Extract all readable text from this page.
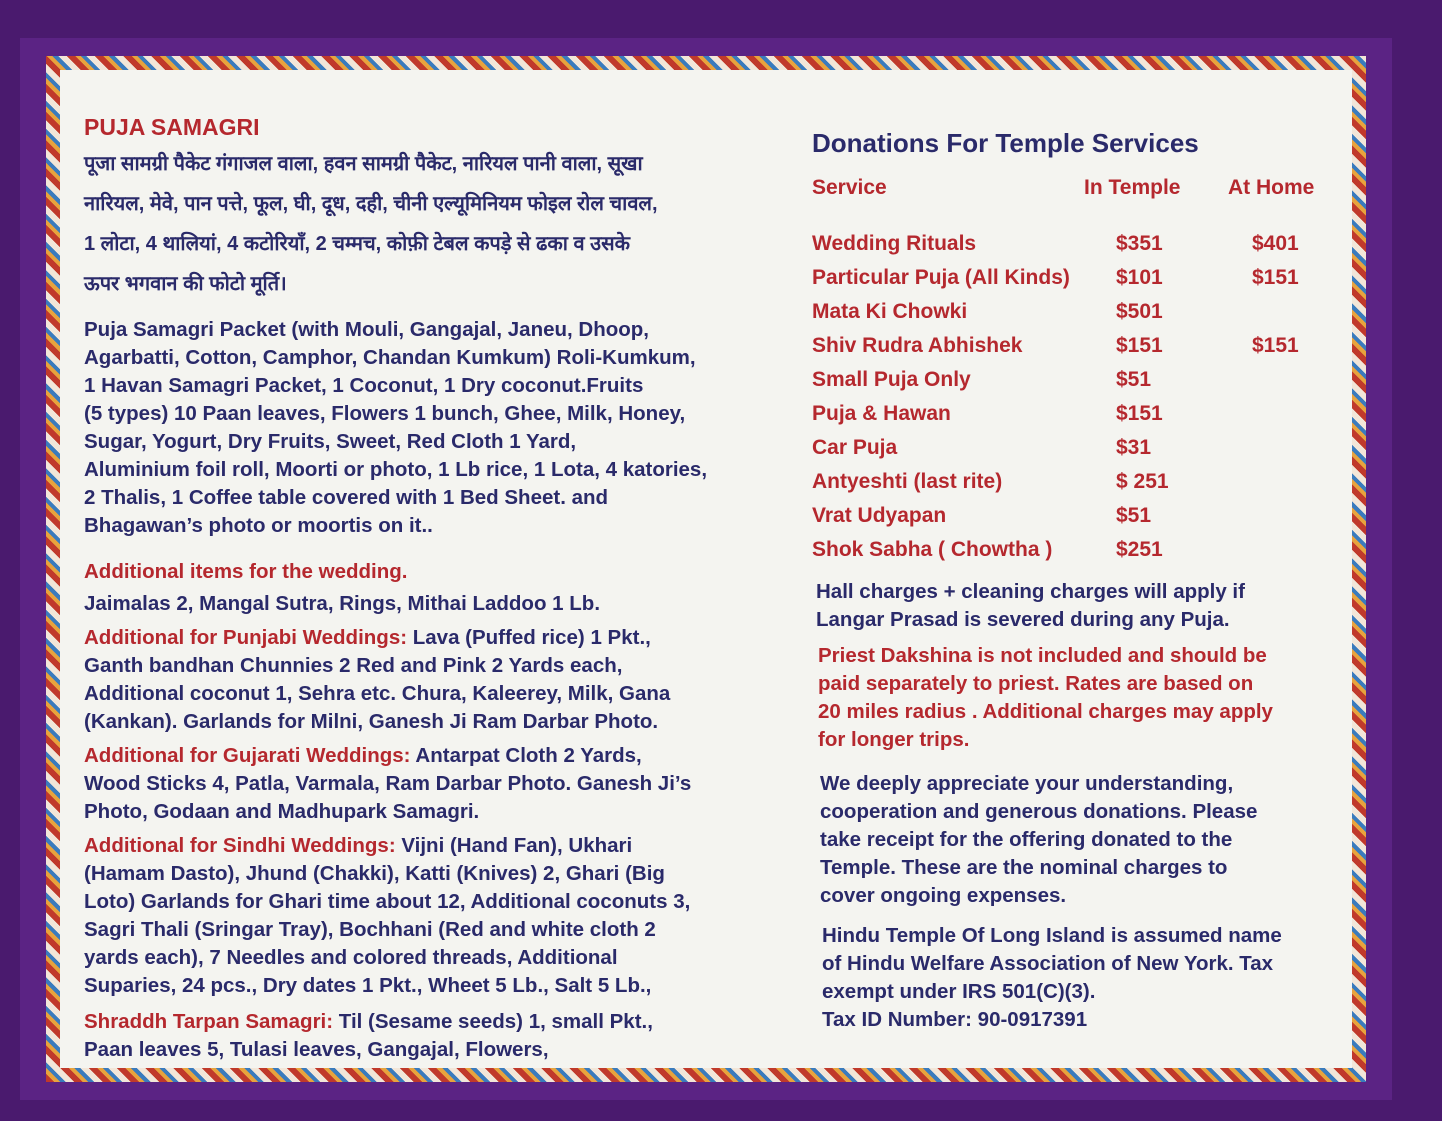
PUJA SAMAGRI
पूजा सामग्री पैकेट गंगाजल वाला, हवन सामग्री पैकेट, नारियल पानी वाला, सूखा
नारियल, मेवे, पान पत्ते, फूल, घी, दूध, दही, चीनी एल्यूमिनियम फोइल रोल चावल,
1 लोटा, 4 थालियां, 4 कटोरियाँ, 2 चम्मच, कोफ़ी टेबल कपड़े से ढका व उसके
ऊपर भगवान की फोटो मूर्ति।
Puja Samagri Packet (with Mouli, Gangajal, Janeu, Dhoop,
Agarbatti, Cotton, Camphor, Chandan Kumkum) Roli-Kumkum,
1 Havan Samagri Packet, 1 Coconut, 1 Dry coconut.Fruits
(5 types) 10 Paan leaves, Flowers 1 bunch, Ghee, Milk, Honey,
Sugar, Yogurt, Dry Fruits, Sweet, Red Cloth 1 Yard,
Aluminium foil roll, Moorti or photo, 1 Lb rice, 1 Lota, 4 katories,
2 Thalis, 1 Coffee table covered with 1 Bed Sheet. and
Bhagawan’s photo or moortis on it..
Additional items for the wedding.
Jaimalas 2, Mangal Sutra, Rings, Mithai Laddoo 1 Lb.
Additional for Punjabi Weddings: Lava (Puffed rice) 1 Pkt.,
Ganth bandhan Chunnies 2 Red and Pink 2 Yards each,
Additional coconut 1, Sehra etc. Chura, Kaleerey, Milk, Gana
(Kankan). Garlands for Milni, Ganesh Ji Ram Darbar Photo.
Additional for Gujarati Weddings: Antarpat Cloth 2 Yards,
Wood Sticks 4, Patla, Varmala, Ram Darbar Photo. Ganesh Ji’s
Photo, Godaan and Madhupark Samagri.
Additional for Sindhi Weddings: Vijni (Hand Fan), Ukhari
(Hamam Dasto), Jhund (Chakki), Katti (Knives) 2, Ghari (Big
Loto) Garlands for Ghari time about 12, Additional coconuts 3,
Sagri Thali (Sringar Tray), Bochhani (Red and white cloth 2
yards each), 7 Needles and colored threads, Additional
Suparies, 24 pcs., Dry dates 1 Pkt., Wheet 5 Lb., Salt 5 Lb.,
Shraddh Tarpan Samagri: Til (Sesame seeds) 1, small Pkt.,
Paan leaves 5, Tulasi leaves, Gangajal, Flowers,
Donations For Temple Services
Service	In Temple At Home
Wedding Rituals	$351	$401
Particular Puja (All Kinds) $101	$151
Mata Ki Chowki	$501
Shiv Rudra Abhishek	$151	$151
Small Puja Only	$51
Puja & Hawan	$151
Car Puja	$31
Antyeshti (last rite)	$ 251
Vrat Udyapan	$51
Shok Sabha ( Chowtha )	$251
Hall charges + cleaning charges will apply if
Langar Prasad is severed during any Puja.
Priest Dakshina is not included and should be
paid separately to priest. Rates are based on
20 miles radius . Additional charges may apply
for longer trips.
We deeply appreciate your understanding,
cooperation and generous donations. Please
take receipt for the offering donated to the
Temple. These are the nominal charges to
cover ongoing expenses.
Hindu Temple Of Long Island is assumed name
of Hindu Welfare Association of New York. Tax
exempt under IRS 501(C)(3).
Tax ID Number: 90-0917391
